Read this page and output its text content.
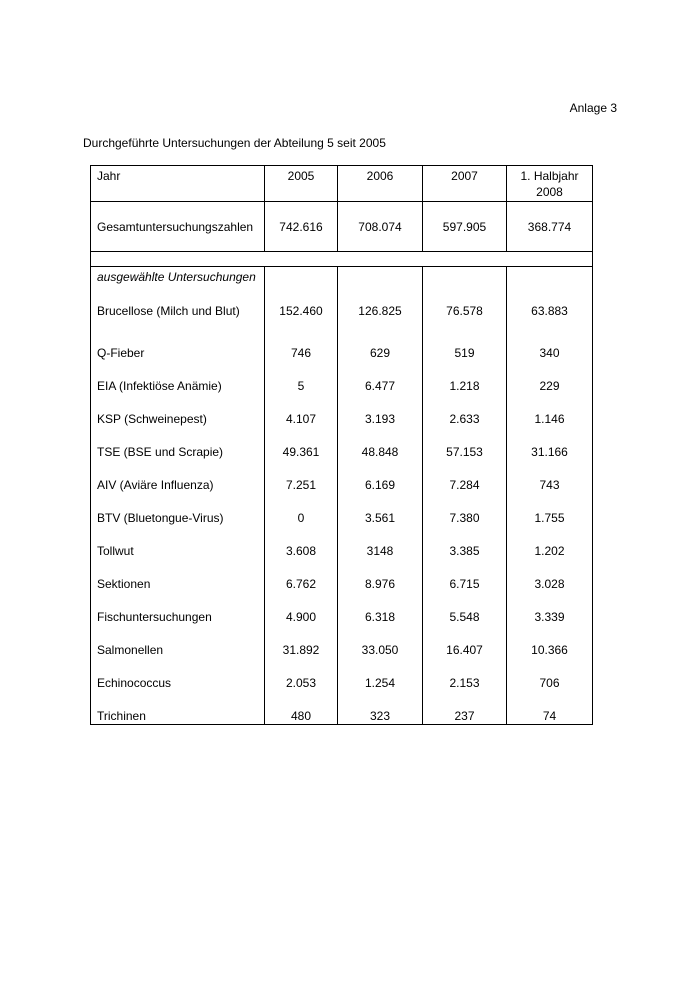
Anlage 3
Durchgeführte Untersuchungen der Abteilung 5 seit 2005
Jahr	2005	2006	2007	1. Halbjahr 2008
Gesamtuntersuchungszahlen	742.616	708.074	597.905	368.774

ausgewählte Untersuchungen				
Brucellose (Milch und Blut)	152.460	126.825	76.578	63.883
Q-Fieber	746	629	519	340
EIA (Infektiöse Anämie)	5	6.477	1.218	229
KSP (Schweinepest)	4.107	3.193	2.633	1.146
TSE (BSE und Scrapie)	49.361	48.848	57.153	31.166
AIV (Aviäre Influenza)	7.251	6.169	7.284	743
BTV (Bluetongue-Virus)	0	3.561	7.380	1.755
Tollwut	3.608	3148	3.385	1.202
Sektionen	6.762	8.976	6.715	3.028
Fischuntersuchungen	4.900	6.318	5.548	3.339
Salmonellen	31.892	33.050	16.407	10.366
Echinococcus	2.053	1.254	2.153	706
Trichinen	480	323	237	74
